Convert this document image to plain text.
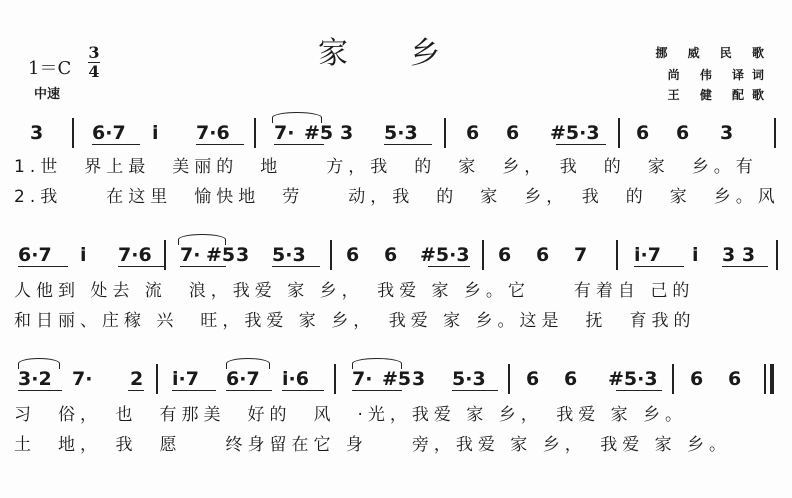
家乡
1＝C
3
4
中速
挪 威 民 歌
尚 伟 译词
王 健 配歌
3	6·7 i 7·6 7· #5 3 5·3	6 6 #5·3 6 6 3
1.世　界上最　美丽的　地　　方，我　的　家　乡，　我　的　家　乡。有
2.我　　在这里　愉快地　劳　　动，我　的　家　乡，　我　的　家　乡。风
6·7 i 7·6 7· #5 3 5·3 6 6 #5·3 6 6 7 i·7 i 3 3
人他到 处去 流　浪，我爱 家 乡，　我爱 家 乡。它　　有着自 己的
和日丽、庄稼 兴　旺，我爱 家 乡，　我爱 家 乡。这是　抚　育我的
3·2 7· 2 i·7 6·7 i·6 7· #5 3 5·3 6 6 #5·3 6 6
习　俗，　也　有那美　好的　风　·光，我爱 家 乡，　我爱 家 乡。
土　地，　我　愿　　终身留在它 身　　旁，我爱 家 乡，　我爱 家 乡。
